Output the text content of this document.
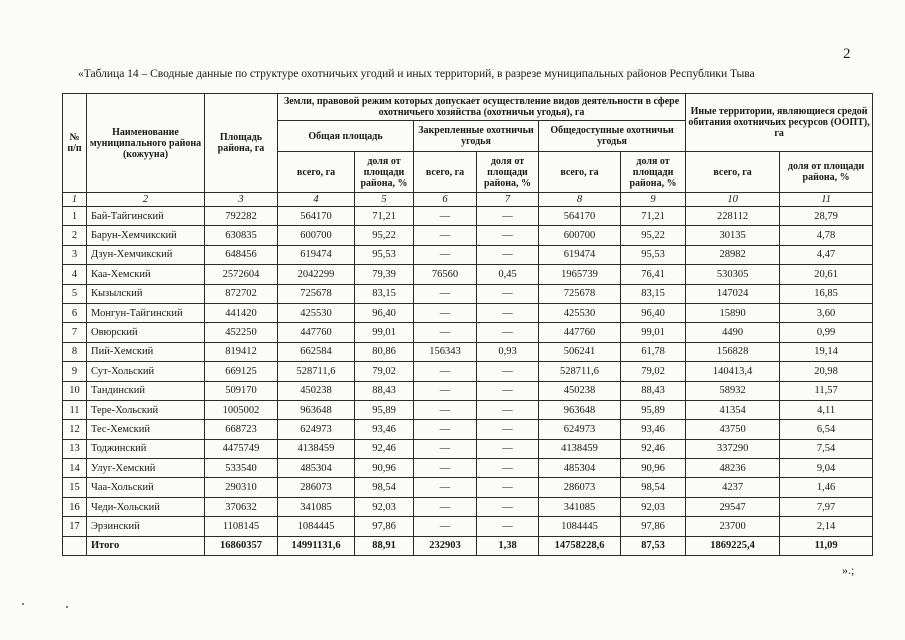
2
«Таблица 14 – Сводные данные по структуре охотничьих угодий и иных территорий, в разрезе муниципальных районов Республики Тыва
№ п/п	Наименование муниципального района (кожууна)	Площадь района, га	Земли, правовой режим которых допускает осуществление видов деятельности в сфере охотничьего хозяйства (охотничьи угодья), га						Иные территории, являющиеся средой обитания охотничьих ресурсов (ООПТ), га	
			Общая площадь		Закрепленные охотничьи угодья		Общедоступные охотничьи угодья			
			всего, га	доля от площади района, %	всего, га	доля от площади района, %	всего, га	доля от площади района, %	всего, га	доля от площади района, %
1	2	3	4	5	6	7	8	9	10	11
1	Бай-Тайгинский	792282	564170	71,21	—	—	564170	71,21	228112	28,79
2	Барун-Хемчикский	630835	600700	95,22	—	—	600700	95,22	30135	4,78
3	Дзун-Хемчикский	648456	619474	95,53	—	—	619474	95,53	28982	4,47
4	Каа-Хемский	2572604	2042299	79,39	76560	0,45	1965739	76,41	530305	20,61
5	Кызылский	872702	725678	83,15	—	—	725678	83,15	147024	16,85
6	Монгун-Тайгинский	441420	425530	96,40	—	—	425530	96,40	15890	3,60
7	Овюрский	452250	447760	99,01	—	—	447760	99,01	4490	0,99
8	Пий-Хемский	819412	662584	80,86	156343	0,93	506241	61,78	156828	19,14
9	Сут-Хольский	669125	528711,6	79,02	—	—	528711,6	79,02	140413,4	20,98
10	Тандинский	509170	450238	88,43	—	—	450238	88,43	58932	11,57
11	Тере-Хольский	1005002	963648	95,89	—	—	963648	95,89	41354	4,11
12	Тес-Хемский	668723	624973	93,46	—	—	624973	93,46	43750	6,54
13	Тоджинский	4475749	4138459	92,46	—	—	4138459	92,46	337290	7,54
14	Улуг-Хемский	533540	485304	90,96	—	—	485304	90,96	48236	9,04
15	Чаа-Хольский	290310	286073	98,54	—	—	286073	98,54	4237	1,46
16	Чеди-Хольский	370632	341085	92,03	—	—	341085	92,03	29547	7,97
17	Эрзинский	1108145	1084445	97,86	—	—	1084445	97,86	23700	2,14
	Итого	16860357	14991131,6	88,91	232903	1,38	14758228,6	87,53	1869225,4	11,09
».;
